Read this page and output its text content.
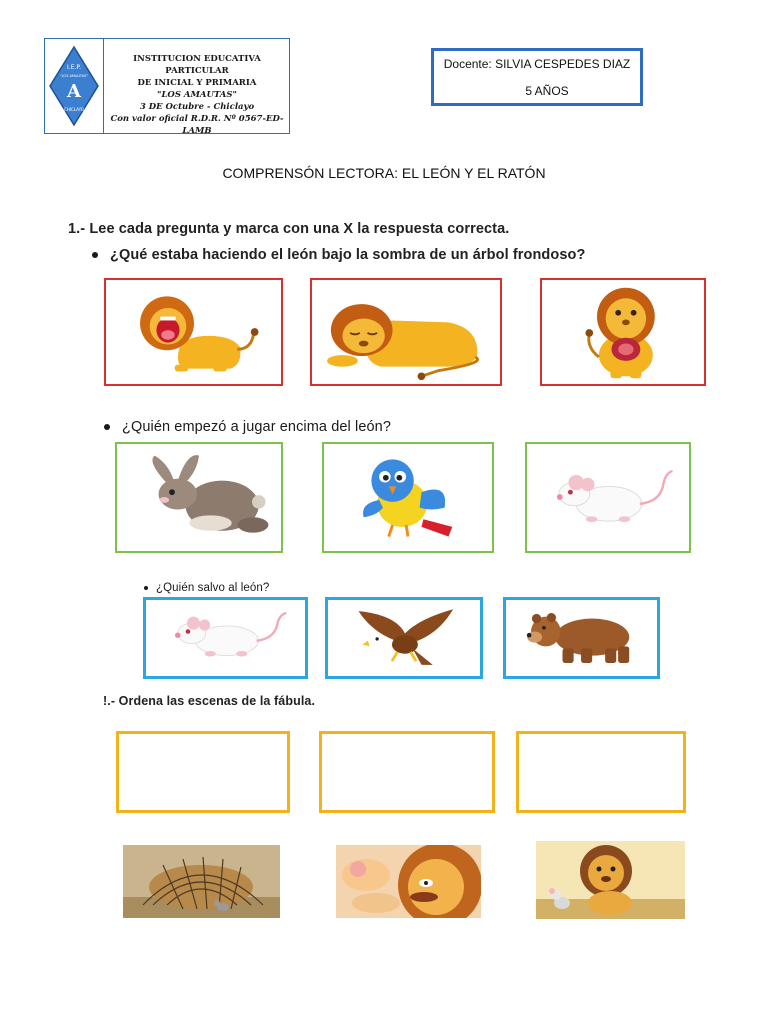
I.E.P.
"LOS AMAUTAS"
A
CHICLAYO
INSTITUCION EDUCATIVA PARTICULAR
DE INICIAL Y PRIMARIA
"LOS AMAUTAS"
3 DE Octubre - Chiclayo
Con valor oficial R.D.R. Nº 0567-ED-LAMB
Docente: SILVIA CESPEDES DIAZ
5 AÑOS
COMPRENSÓN LECTORA: EL LEÓN Y EL RATÓN
1.- Lee cada pregunta y marca con una X la respuesta correcta.
¿Qué estaba haciendo el león bajo la sombra de un árbol frondoso?
¿Quién empezó a jugar encima del león?
¿Quién salvo al león?
!.- Ordena las escenas de la fábula.
